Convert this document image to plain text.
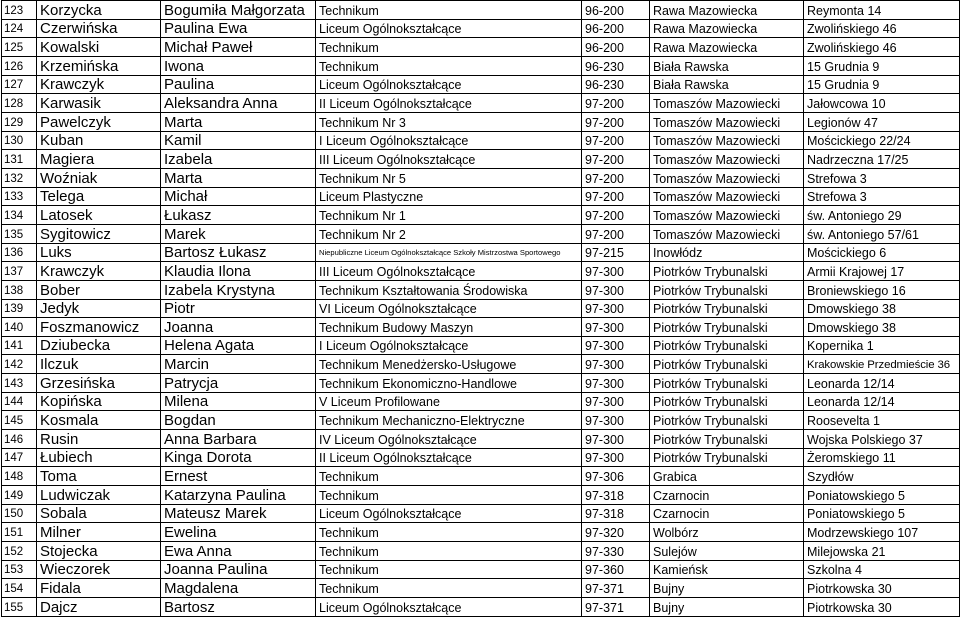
123	Korzycka	Bogumiła Małgorzata	Technikum	96-200	Rawa Mazowiecka	Reymonta 14
124	Czerwińska	Paulina Ewa	Liceum Ogólnokształcące	96-200	Rawa Mazowiecka	Zwolińskiego 46
125	Kowalski	Michał Paweł	Technikum	96-200	Rawa Mazowiecka	Zwolińskiego 46
126	Krzemińska	Iwona	Technikum	96-230	Biała Rawska	15 Grudnia 9
127	Krawczyk	Paulina	Liceum Ogólnokształcące	96-230	Biała Rawska	15 Grudnia 9
128	Karwasik	Aleksandra Anna	II Liceum Ogólnokształcące	97-200	Tomaszów Mazowiecki	Jałowcowa 10
129	Pawelczyk	Marta	Technikum Nr 3	97-200	Tomaszów Mazowiecki	Legionów 47
130	Kuban	Kamil	I Liceum Ogólnokształcące	97-200	Tomaszów Mazowiecki	Mościckiego 22/24
131	Magiera	Izabela	III Liceum Ogólnokształcące	97-200	Tomaszów Mazowiecki	Nadrzeczna 17/25
132	Woźniak	Marta	Technikum Nr 5	97-200	Tomaszów Mazowiecki	Strefowa 3
133	Telega	Michał	Liceum Plastyczne	97-200	Tomaszów Mazowiecki	Strefowa 3
134	Latosek	Łukasz	Technikum Nr 1	97-200	Tomaszów Mazowiecki	św. Antoniego 29
135	Sygitowicz	Marek	Technikum Nr 2	97-200	Tomaszów Mazowiecki	św. Antoniego 57/61
136	Luks	Bartosz Łukasz	Niepubliczne Liceum Ogólnokształcące Szkoły Mistrzostwa Sportowego	97-215	Inowłódz	Mościckiego 6
137	Krawczyk	Klaudia Ilona	III Liceum Ogólnokształcące	97-300	Piotrków Trybunalski	Armii Krajowej 17
138	Bober	Izabela Krystyna	Technikum Kształtowania Środowiska	97-300	Piotrków Trybunalski	Broniewskiego 16
139	Jedyk	Piotr	VI Liceum Ogólnokształcące	97-300	Piotrków Trybunalski	Dmowskiego 38
140	Foszmanowicz	Joanna	Technikum Budowy Maszyn	97-300	Piotrków Trybunalski	Dmowskiego 38
141	Dziubecka	Helena Agata	I Liceum Ogólnokształcące	97-300	Piotrków Trybunalski	Kopernika 1
142	Ilczuk	Marcin	Technikum Menedżersko-Usługowe	97-300	Piotrków Trybunalski	Krakowskie Przedmieście 36
143	Grzesińska	Patrycja	Technikum Ekonomiczno-Handlowe	97-300	Piotrków Trybunalski	Leonarda 12/14
144	Kopińska	Milena	V Liceum Profilowane	97-300	Piotrków Trybunalski	Leonarda 12/14
145	Kosmala	Bogdan	Technikum Mechaniczno-Elektryczne	97-300	Piotrków Trybunalski	Roosevelta 1
146	Rusin	Anna Barbara	IV Liceum Ogólnokształcące	97-300	Piotrków Trybunalski	Wojska Polskiego 37
147	Łubiech	Kinga Dorota	II Liceum Ogólnokształcące	97-300	Piotrków Trybunalski	Żeromskiego 11
148	Toma	Ernest	Technikum	97-306	Grabica	Szydłów
149	Ludwiczak	Katarzyna Paulina	Technikum	97-318	Czarnocin	Poniatowskiego 5
150	Sobala	Mateusz Marek	Liceum Ogólnokształcące	97-318	Czarnocin	Poniatowskiego 5
151	Milner	Ewelina	Technikum	97-320	Wolbórz	Modrzewskiego 107
152	Stojecka	Ewa Anna	Technikum	97-330	Sulejów	Milejowska 21
153	Wieczorek	Joanna Paulina	Technikum	97-360	Kamieńsk	Szkolna 4
154	Fidala	Magdalena	Technikum	97-371	Bujny	Piotrkowska 30
155	Dajcz	Bartosz	Liceum Ogólnokształcące	97-371	Bujny	Piotrkowska 30
